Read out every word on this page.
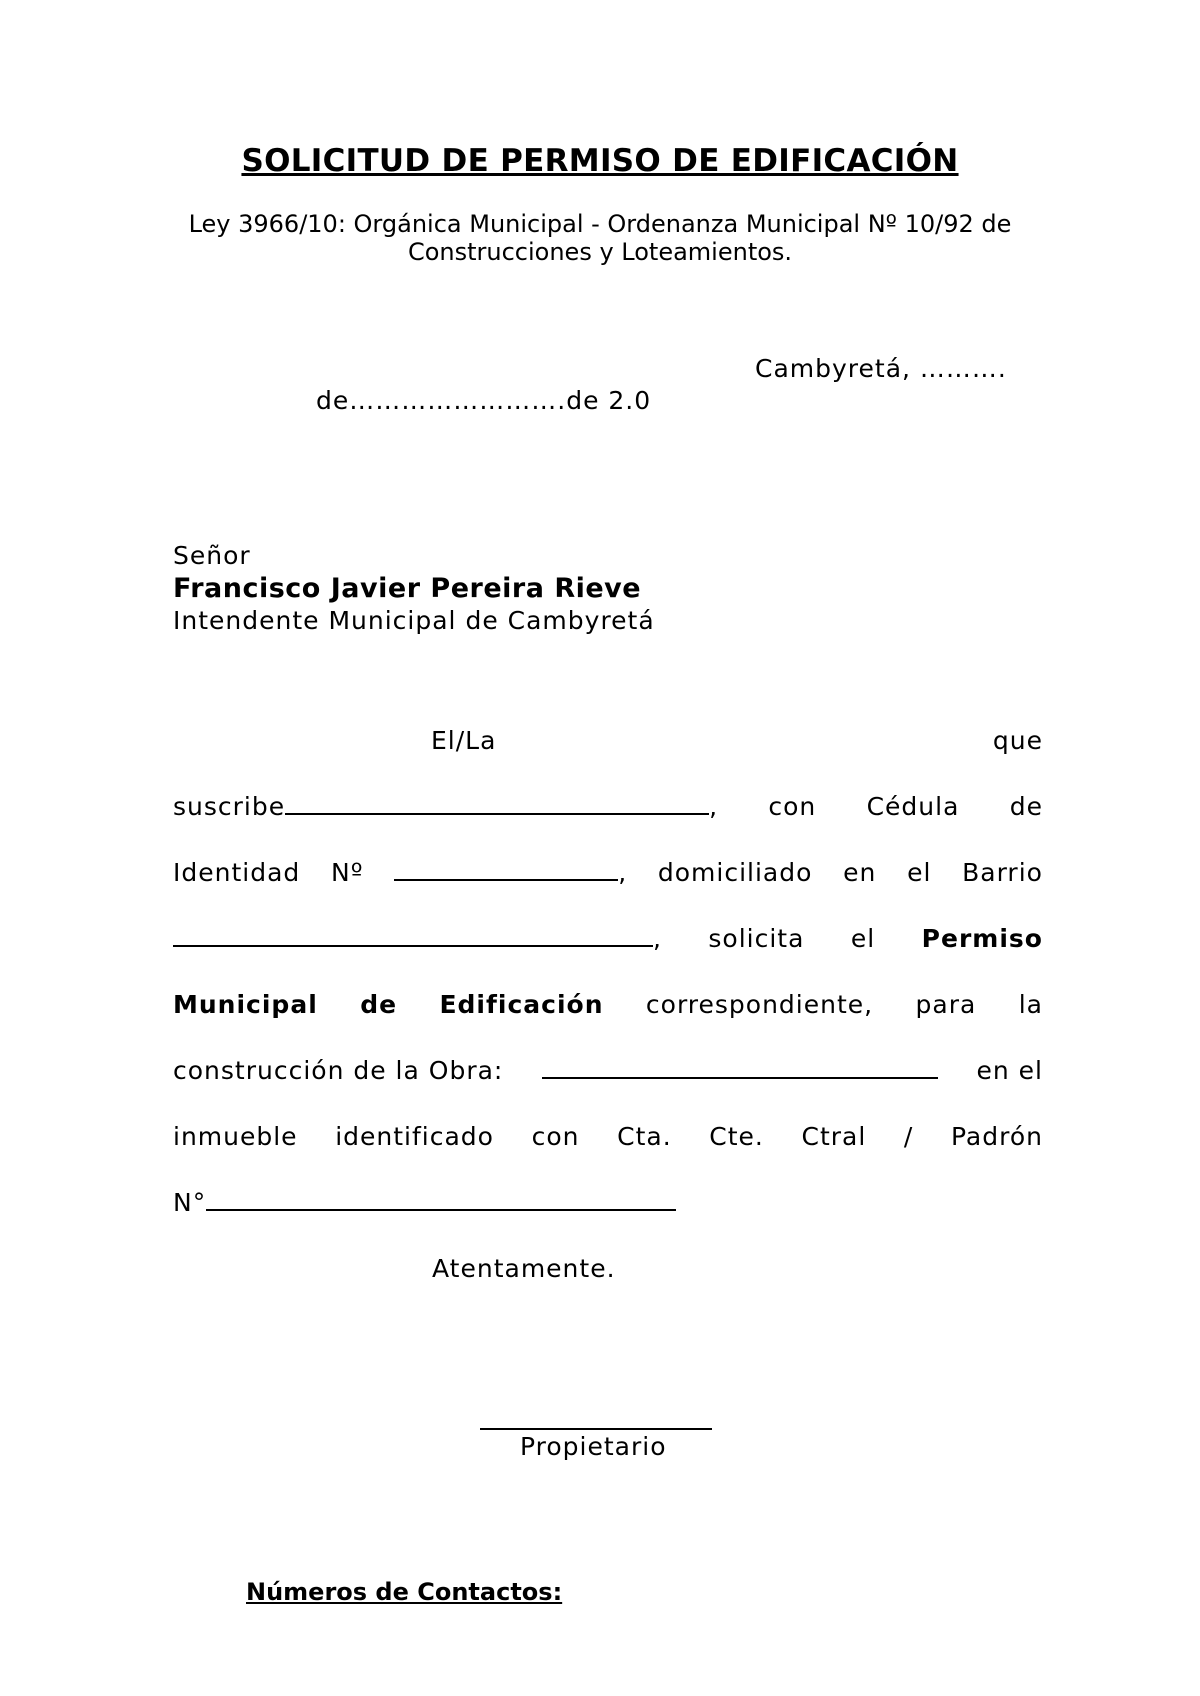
SOLICITUD DE PERMISO DE EDIFICACIÓN
Ley 3966/10: Orgánica Municipal - Ordenanza Municipal Nº 10/92 de Construcciones y Loteamientos.
Cambyretá, ……….
de…………………….de 2.0
Señor
Francisco Javier Pereira Rieve
Intendente Municipal de Cambyretá
El/La	que
suscribe	, con Cédula de
Identidad Nº	, domiciliado en el Barrio
, solicita el Permiso
Municipal de Edificación correspondiente, para la
construcción de la Obra:	en el
inmueble identificado con Cta. Cte. Ctral / Padrón
N°
Atentamente.
Propietario
Números de Contactos:
